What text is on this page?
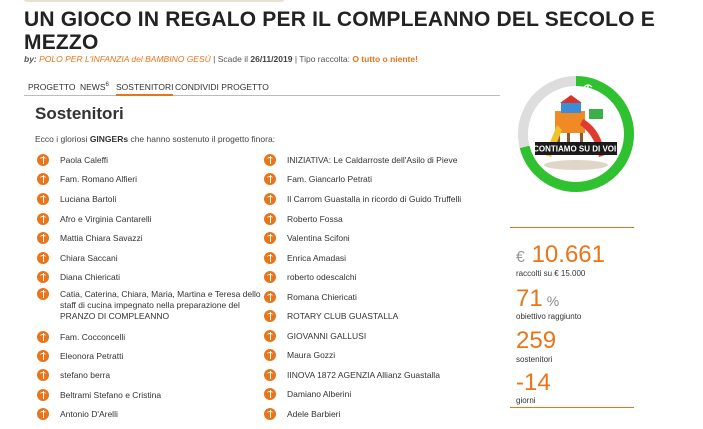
UN GIOCO IN REGALO PER IL COMPLEANNO DEL SECOLO E
MEZZO
by: POLO PER L'INFANZIA del BAMBINO GESÙ | Scade il 26/11/2019 | Tipo raccolta: O tutto o niente!
PROGETTO NEWS$^6$ SOSTENITORI CONDIVIDI PROGETTO
Sostenitori

Ecco i gloriosi GINGERs che hanno sostenuto il progetto finora:

Paola Caleffi
Fam. Romano Alfieri
Luciana Bartoli
Afro e Virginia Cantarelli
Mattia Chiara Savazzi
Chiara Saccani
Diana Chiericati
Catia, Caterina, Chiara, Maria, Martina e Teresa dello staff di cucina impegnato nella preparazione del PRANZO DI COMPLEANNO
Fam. Cocconcelli
Eleonora Petratti
stefano berra
Beltrami Stefano e Cristina
Antonio D'Arelli
INIZIATIVA: Le Caldarroste dell'Asilo di Pieve
Fam. Giancarlo Petrati
Il Carrom Guastalla in ricordo di Guido Truffelli
Roberto Fossa
Valentina Scifoni
Enrica Amadasi
roberto odescalchi
Romana Chiericati
ROTARY CLUB GUASTALLA
GIOVANNI GALLUSI
Maura Gozzi
IINOVA 1872 AGENZIA Allianz Guastalla
Damiano Alberini
Adele Barbieri
CONTIAMO SU DI VOI!
€ 10.661
raccolti su € 15.000
71 %
obiettivo raggiunto
259
sostenitori
-14
giorni
